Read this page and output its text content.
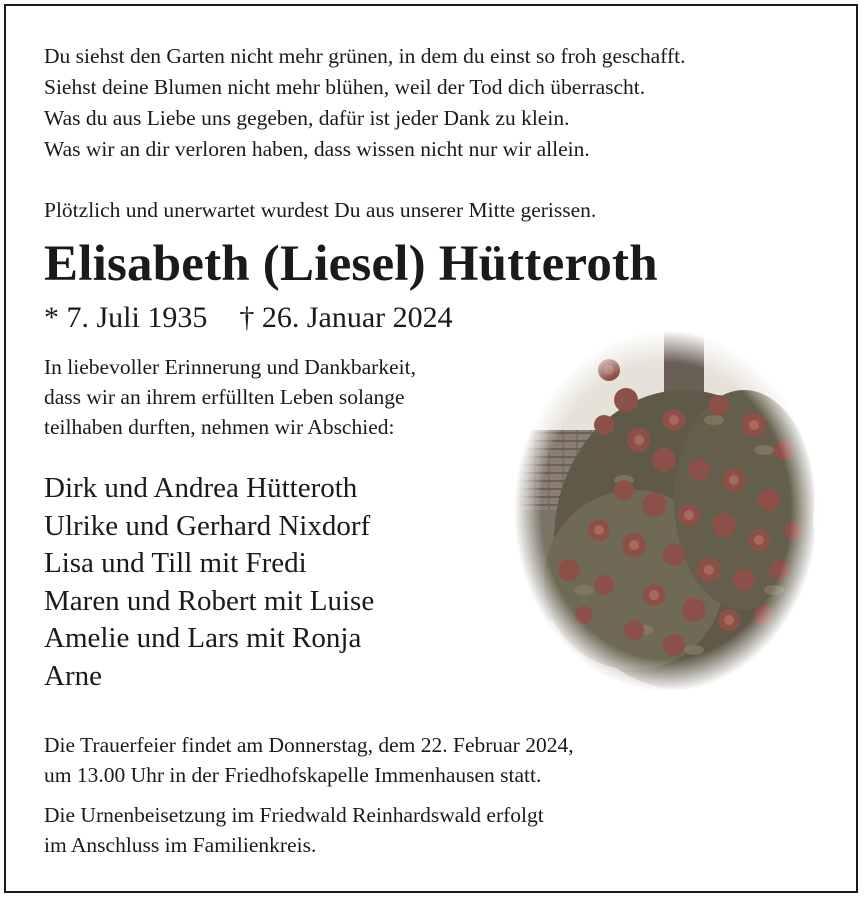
Du siehst den Garten nicht mehr grünen, in dem du einst so froh geschafft.
Siehst deine Blumen nicht mehr blühen, weil der Tod dich überrascht.
Was du aus Liebe uns gegeben, dafür ist jeder Dank zu klein.
Was wir an dir verloren haben, dass wissen nicht nur wir allein.
Plötzlich und unerwartet wurdest Du aus unserer Mitte gerissen.
Elisabeth (Liesel) Hütteroth
* 7. Juli 1935 † 26. Januar 2024
In liebevoller Erinnerung und Dankbarkeit,
dass wir an ihrem erfüllten Leben solange
teilhaben durften, nehmen wir Abschied:
Dirk und Andrea Hütteroth
Ulrike und Gerhard Nixdorf
Lisa und Till mit Fredi
Maren und Robert mit Luise
Amelie und Lars mit Ronja
Arne
Die Trauerfeier findet am Donnerstag, dem 22. Februar 2024,
um 13.00 Uhr in der Friedhofskapelle Immenhausen statt.
Die Urnenbeisetzung im Friedwald Reinhardswald erfolgt
im Anschluss im Familienkreis.
